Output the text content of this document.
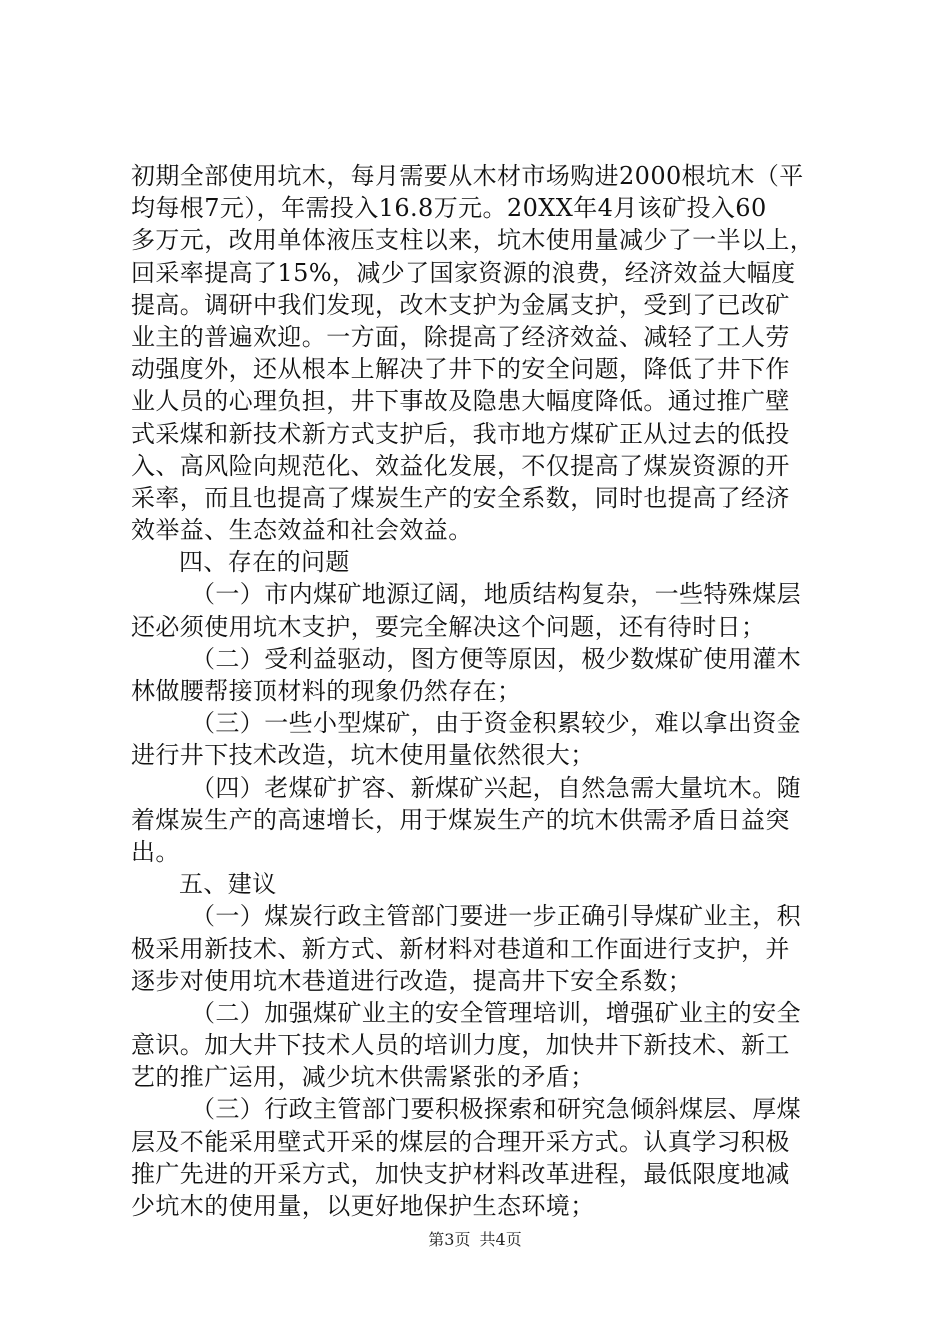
初期全部使用坑木，每月需要从木材市场购进2000根坑木（平
均每根7元），年需投入16.8万元。20XX年4月该矿投入60
多万元，改用单体液压支柱以来，坑木使用量减少了一半以上，
回采率提高了15%，减少了国家资源的浪费，经济效益大幅度
提高。调研中我们发现，改木支护为金属支护，受到了已改矿
业主的普遍欢迎。一方面，除提高了经济效益、减轻了工人劳
动强度外，还从根本上解决了井下的安全问题，降低了井下作
业人员的心理负担，井下事故及隐患大幅度降低。通过推广壁
式采煤和新技术新方式支护后，我市地方煤矿正从过去的低投
入、高风险向规范化、效益化发展，不仅提高了煤炭资源的开
采率，而且也提高了煤炭生产的安全系数，同时也提高了经济
效举益、生态效益和社会效益。
四、存在的问题
（一）市内煤矿地源辽阔，地质结构复杂，一些特殊煤层
还必须使用坑木支护，要完全解决这个问题，还有待时日；
（二）受利益驱动，图方便等原因，极少数煤矿使用灌木
林做腰帮接顶材料的现象仍然存在；
（三）一些小型煤矿，由于资金积累较少，难以拿出资金
进行井下技术改造，坑木使用量依然很大；
（四）老煤矿扩容、新煤矿兴起，自然急需大量坑木。随
着煤炭生产的高速增长，用于煤炭生产的坑木供需矛盾日益突
出。
五、建议
（一）煤炭行政主管部门要进一步正确引导煤矿业主，积
极采用新技术、新方式、新材料对巷道和工作面进行支护，并
逐步对使用坑木巷道进行改造，提高井下安全系数；
（二）加强煤矿业主的安全管理培训，增强矿业主的安全
意识。加大井下技术人员的培训力度，加快井下新技术、新工
艺的推广运用，减少坑木供需紧张的矛盾；
（三）行政主管部门要积极探索和研究急倾斜煤层、厚煤
层及不能采用壁式开采的煤层的合理开采方式。认真学习积极
推广先进的开采方式，加快支护材料改革进程，最低限度地减
少坑木的使用量，以更好地保护生态环境；
第3页 共4页
